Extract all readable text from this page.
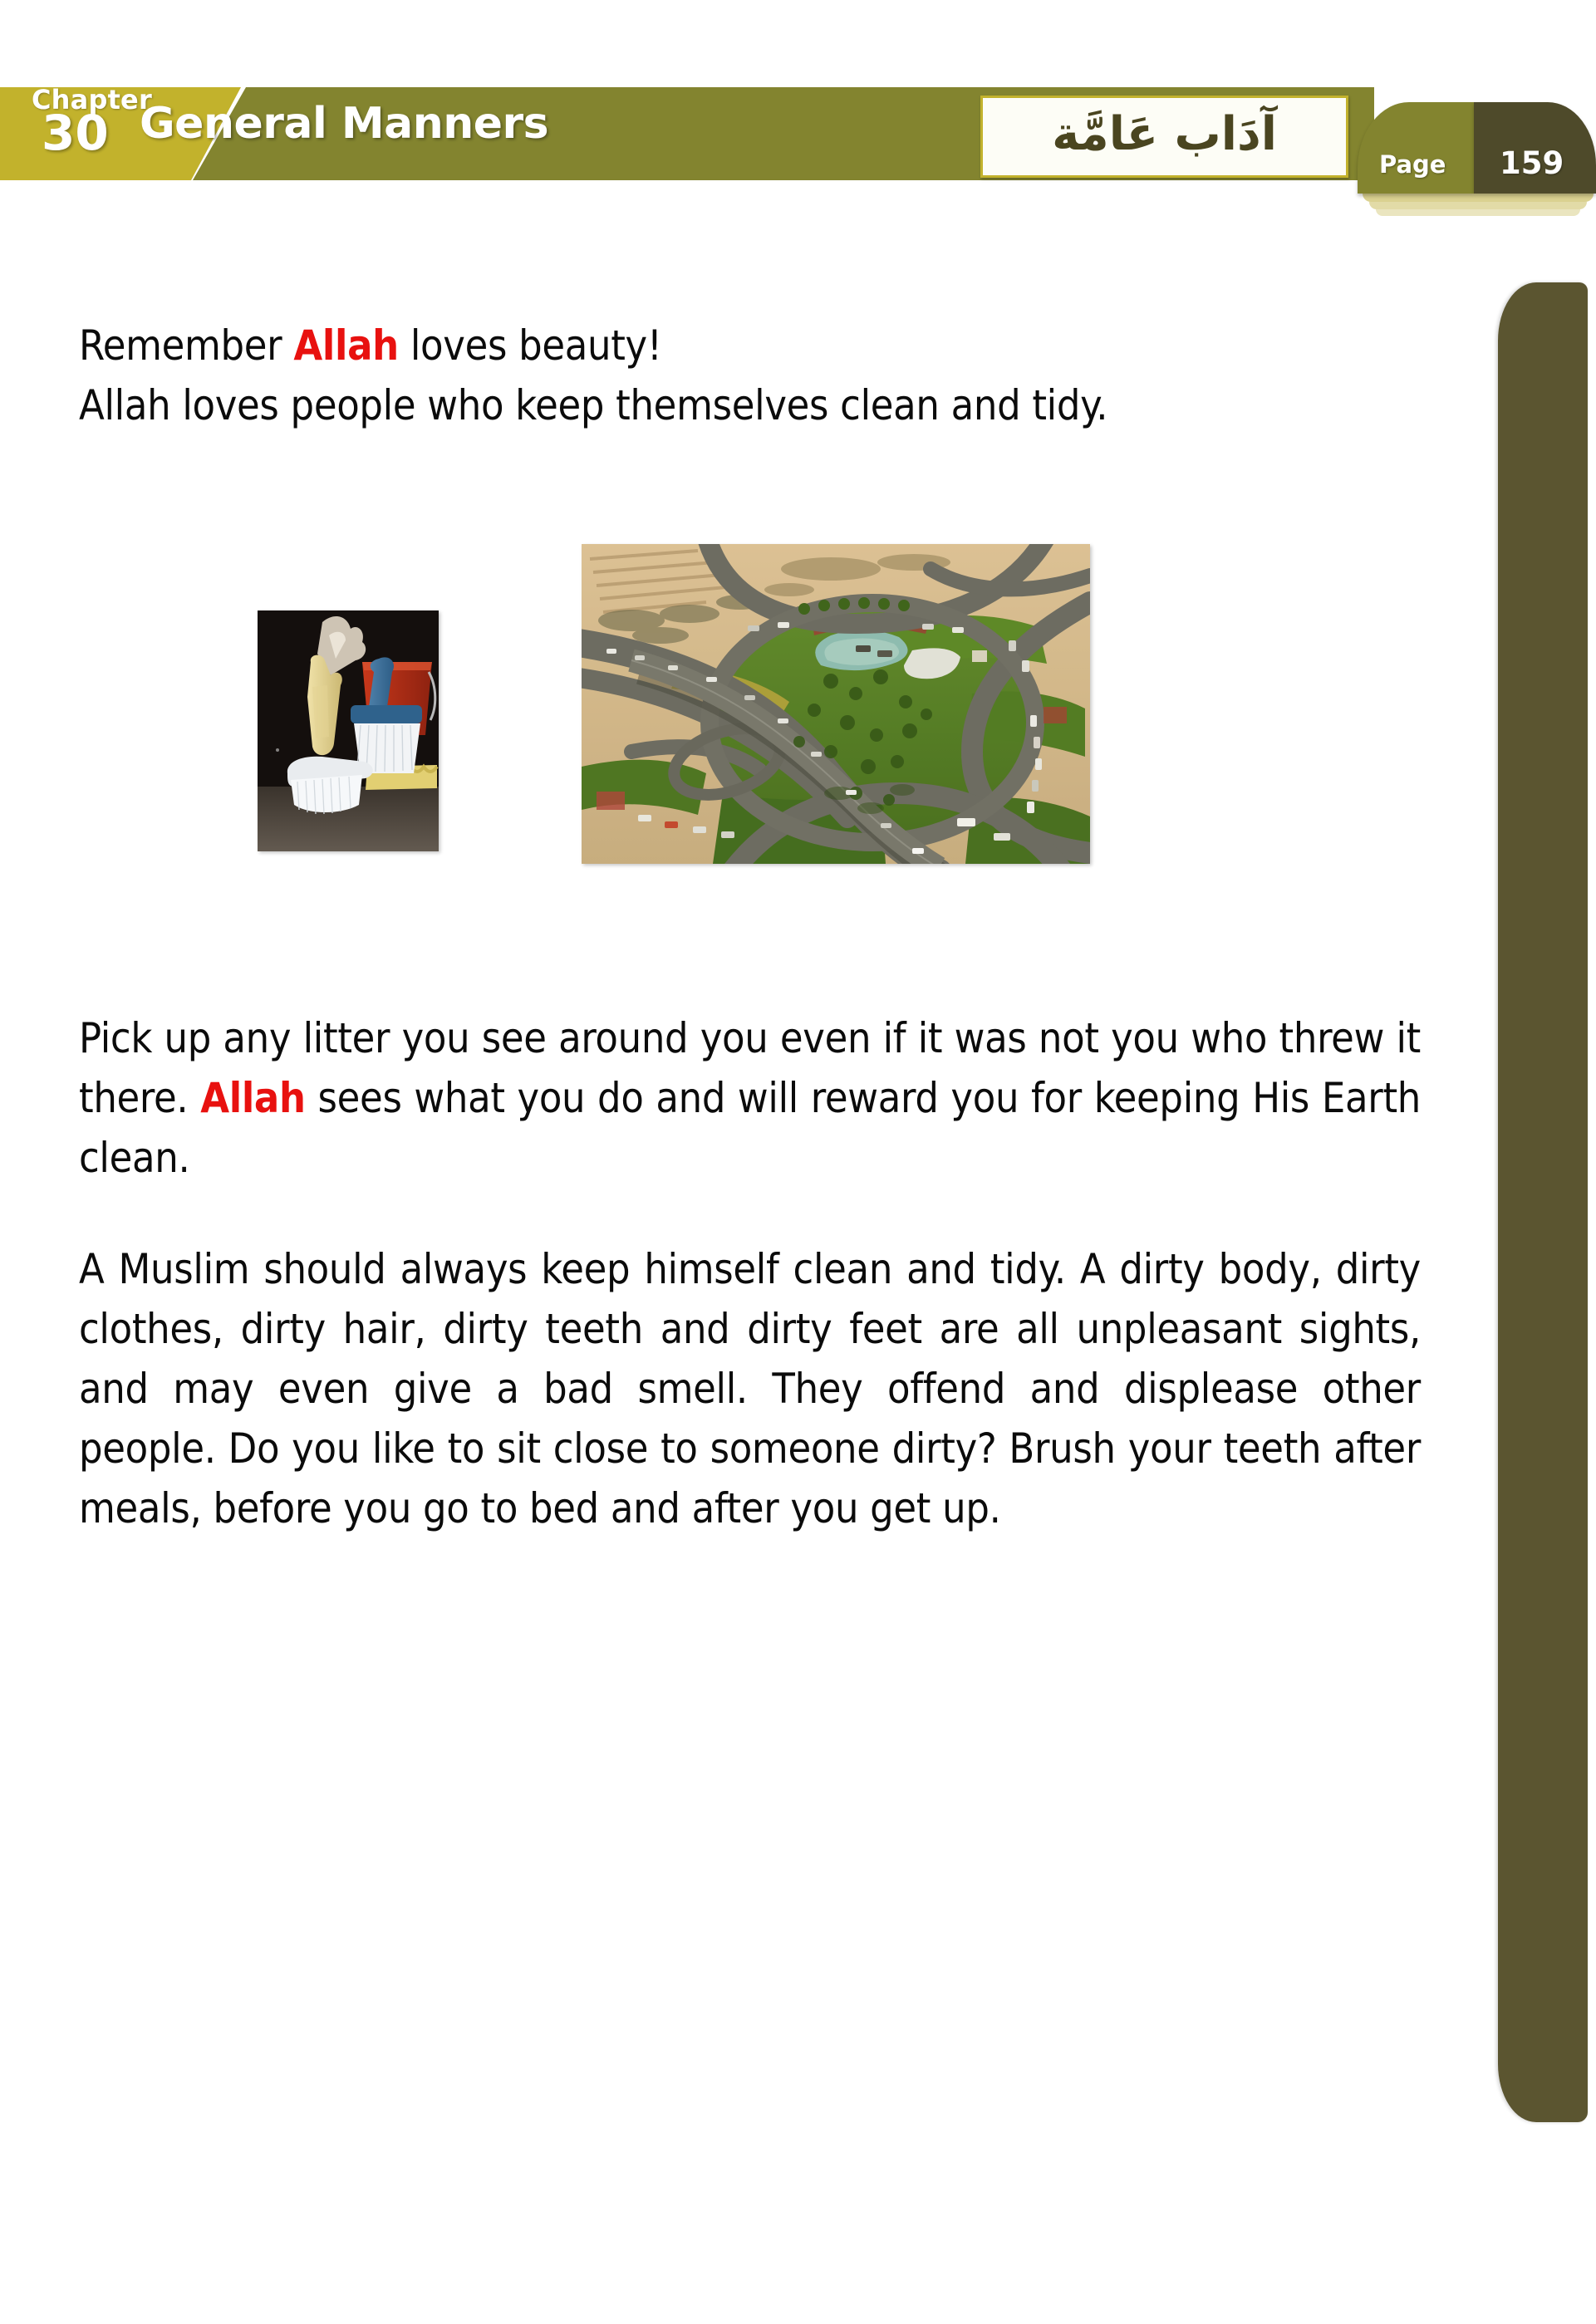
Chapter
30 General Manners	آدَاب عَامَّة
Page 159

Remember Allah loves beauty!

Allah loves people who keep themselves clean and tidy.

Pick up any litter you see around you even if it was not you who threw it there. Allah sees what you do and will reward you for keeping His Earth clean.

A Muslim should always keep himself clean and tidy. A dirty body, dirty clothes, dirty hair, dirty teeth and dirty feet are all unpleasant sights, and may even give a bad smell. They offend and displease other people. Do you like to sit close to someone dirty? Brush your teeth after meals, before you go to bed and after you get up.
